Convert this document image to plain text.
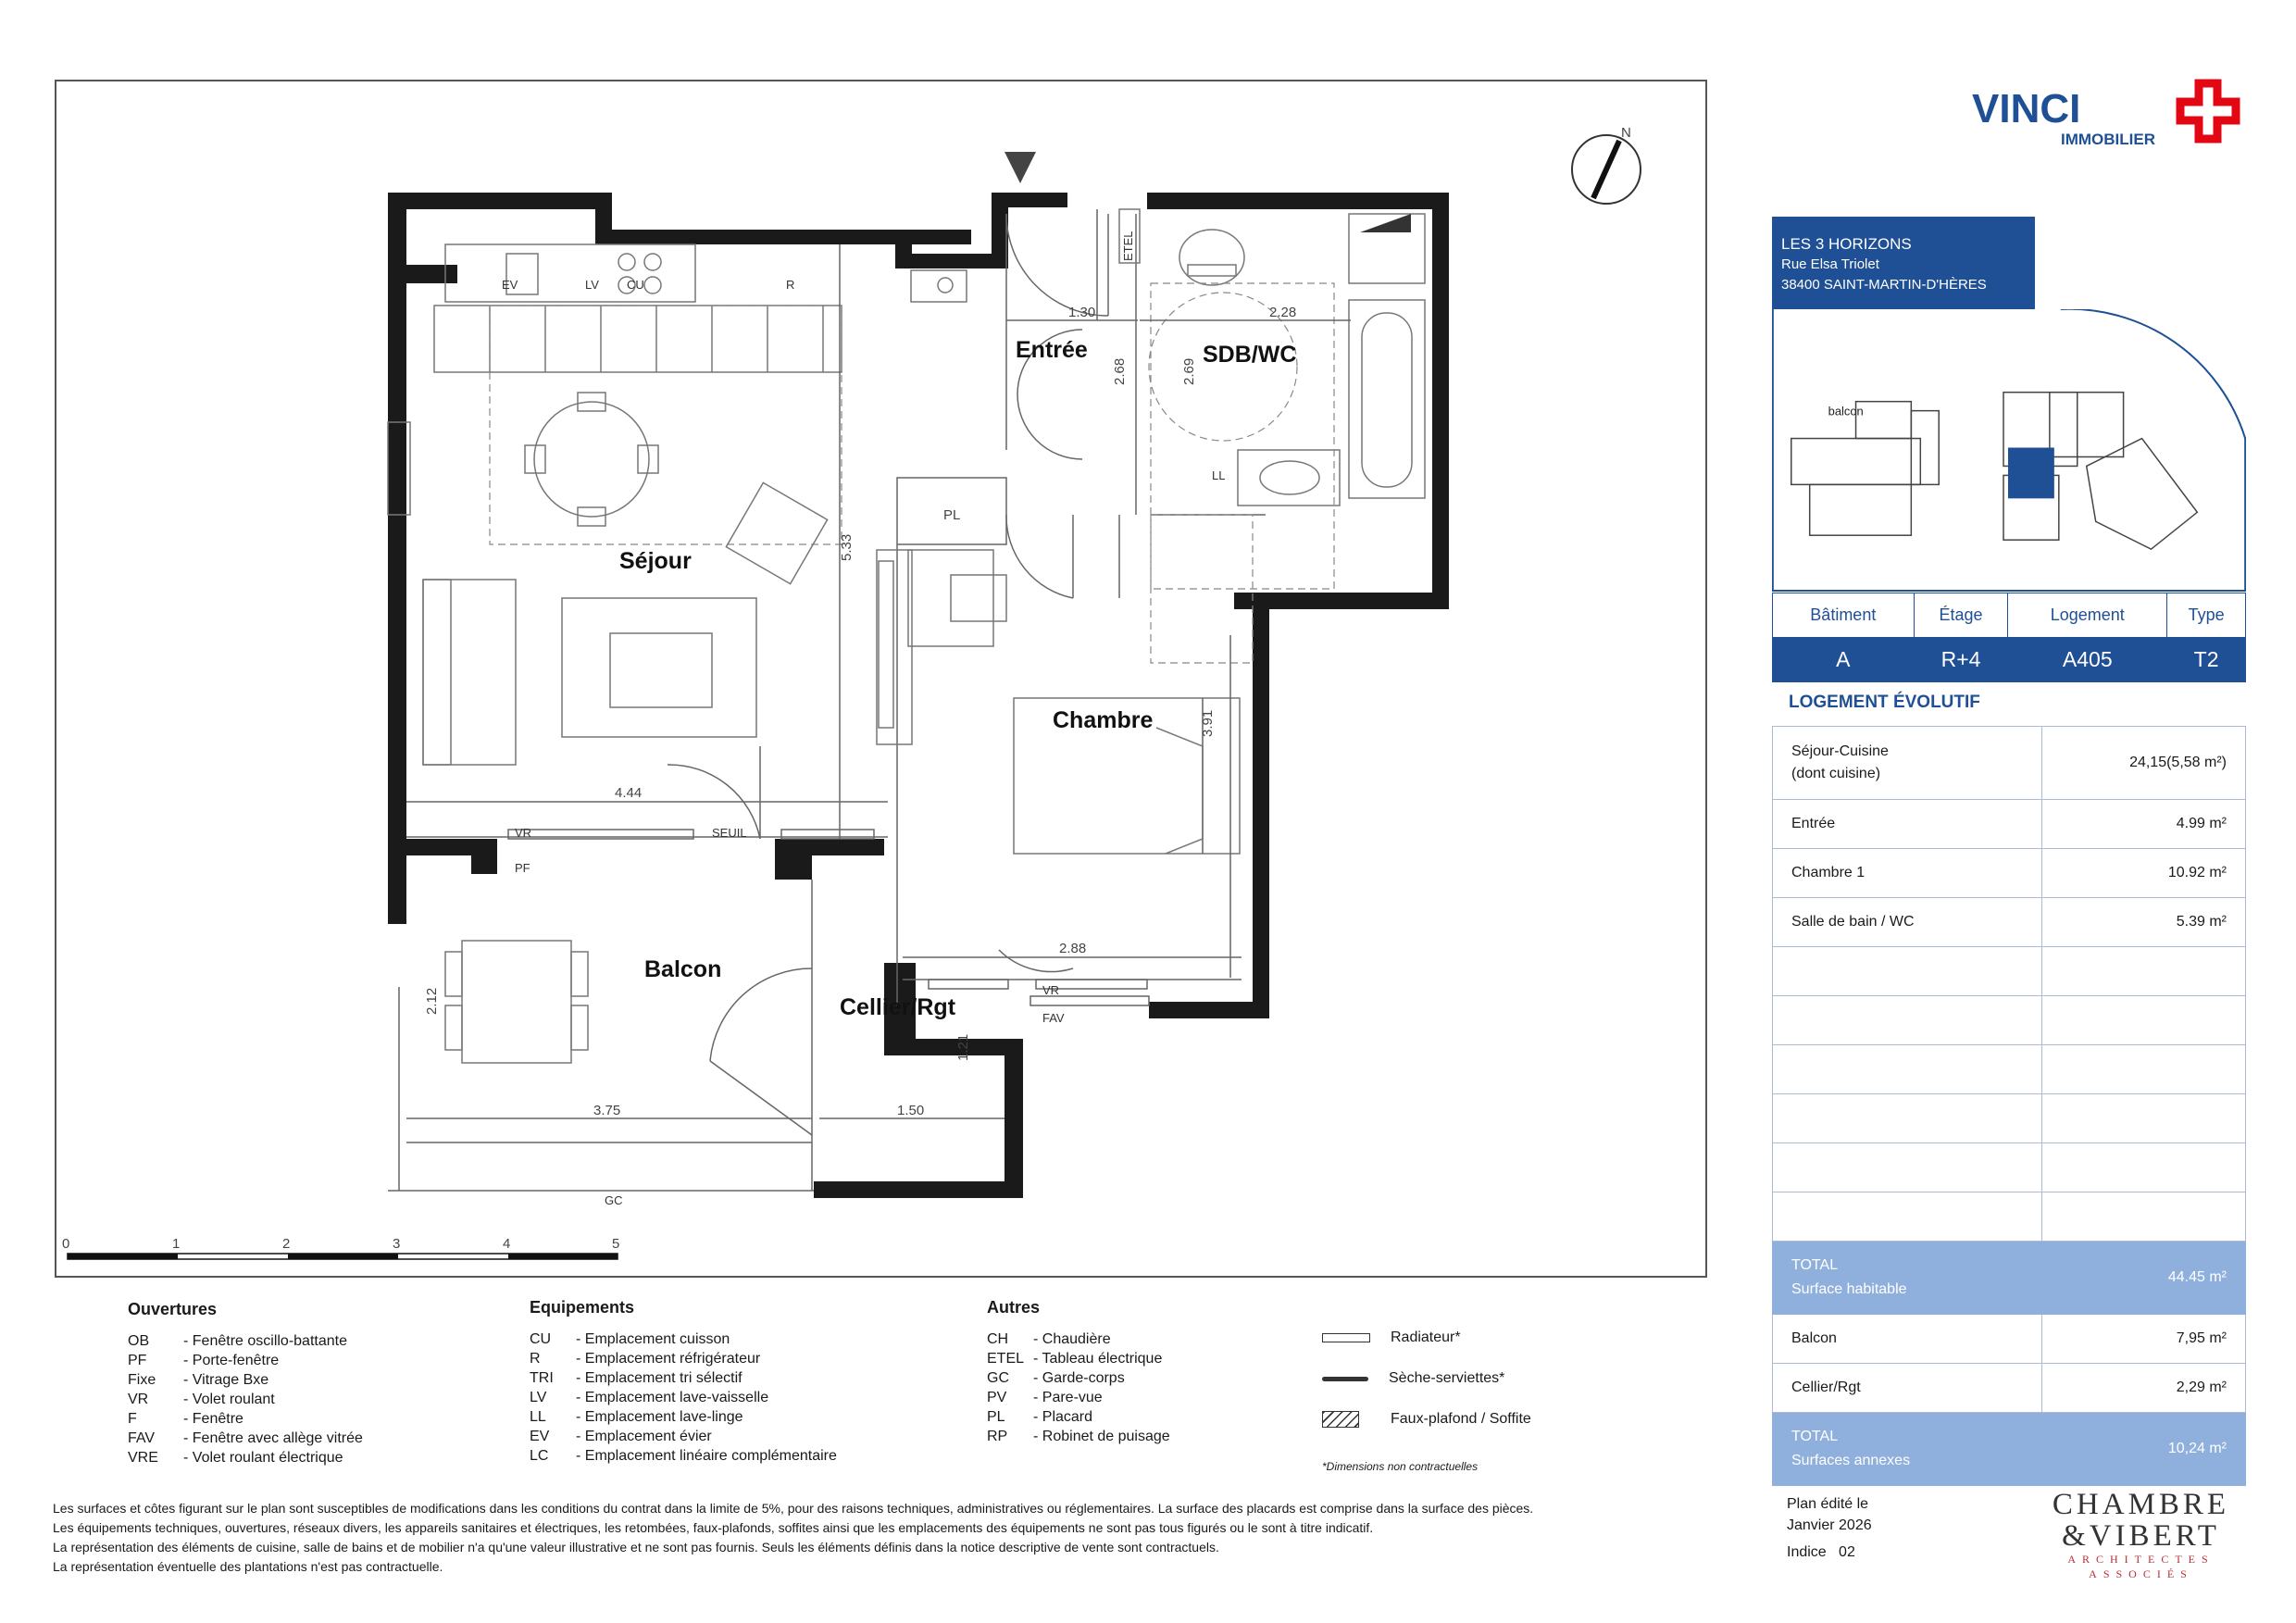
Séjour
Entrée	SDB/WC
Chambre
Balcon
Cellier/Rgt
PL
1.30	2.28
2.68	2.69
5.33
4.44
3.91
2.88
2.12
3.75	1.50
1.21
EV	LV CU	R
ETEL
LL
VR	SEUIL
PF
VR
FAV
GC
N
0	1	2	3	4	5
VINCI
IMMOBILIER
LES 3 HORIZONS
Rue Elsa Triolet
38400 SAINT-MARTIN-D'HÈRES
balcon
Bâtiment	Étage	Logement	Type
A	R+4	A405	T2
LOGEMENT ÉVOLUTIF
Séjour-Cuisine
(dont cuisine)	24,15(5,58 m²)
Entrée	4.99 m²
Chambre 1	10.92 m²
Salle de bain / WC	5.39 m²

TOTAL
Surface habitable	44.45 m²
Balcon	7,95 m²
Cellier/Rgt	2,29 m²

TOTAL
Surfaces annexes	10,24 m²
Plan édité le
Janvier 2026
Indice 02
CHAMBRE
&VIBERT
ARCHITECTES
ASSOCIÉS
Ouvertures
OB - Fenêtre oscillo-battante
PF - Porte-fenêtre
Fixe - Vitrage Bxe
VR - Volet roulant
F	- Fenêtre
FAV - Fenêtre avec allège vitrée
VRE - Volet roulant électrique
Equipements
CU - Emplacement cuisson
R - Emplacement réfrigérateur
TRI - Emplacement tri sélectif
LV - Emplacement lave-vaisselle
LL - Emplacement lave-linge
EV - Emplacement évier
LC - Emplacement linéaire complémentaire
Autres
CH - Chaudière
ETEL - Tableau électrique
GC - Garde-corps
PV - Pare-vue
PL - Placard
RP - Robinet de puisage
Radiateur*
Sèche-serviettes*
Faux-plafond / Soffite
*Dimensions non contractuelles
Les surfaces et côtes figurant sur le plan sont susceptibles de modifications dans les conditions du contrat dans la limite de 5%, pour des raisons techniques, administratives ou réglementaires. La surface des placards est comprise dans la surface des pièces.
Les équipements techniques, ouvertures, réseaux divers, les appareils sanitaires et électriques, les retombées, faux-plafonds, soffites ainsi que les emplacements des équipements ne sont pas tous figurés ou le sont à titre indicatif.
La représentation des éléments de cuisine, salle de bains et de mobilier n'a qu'une valeur illustrative et ne sont pas fournis. Seuls les éléments définis dans la notice descriptive de vente sont contractuels.
La représentation éventuelle des plantations n'est pas contractuelle.
